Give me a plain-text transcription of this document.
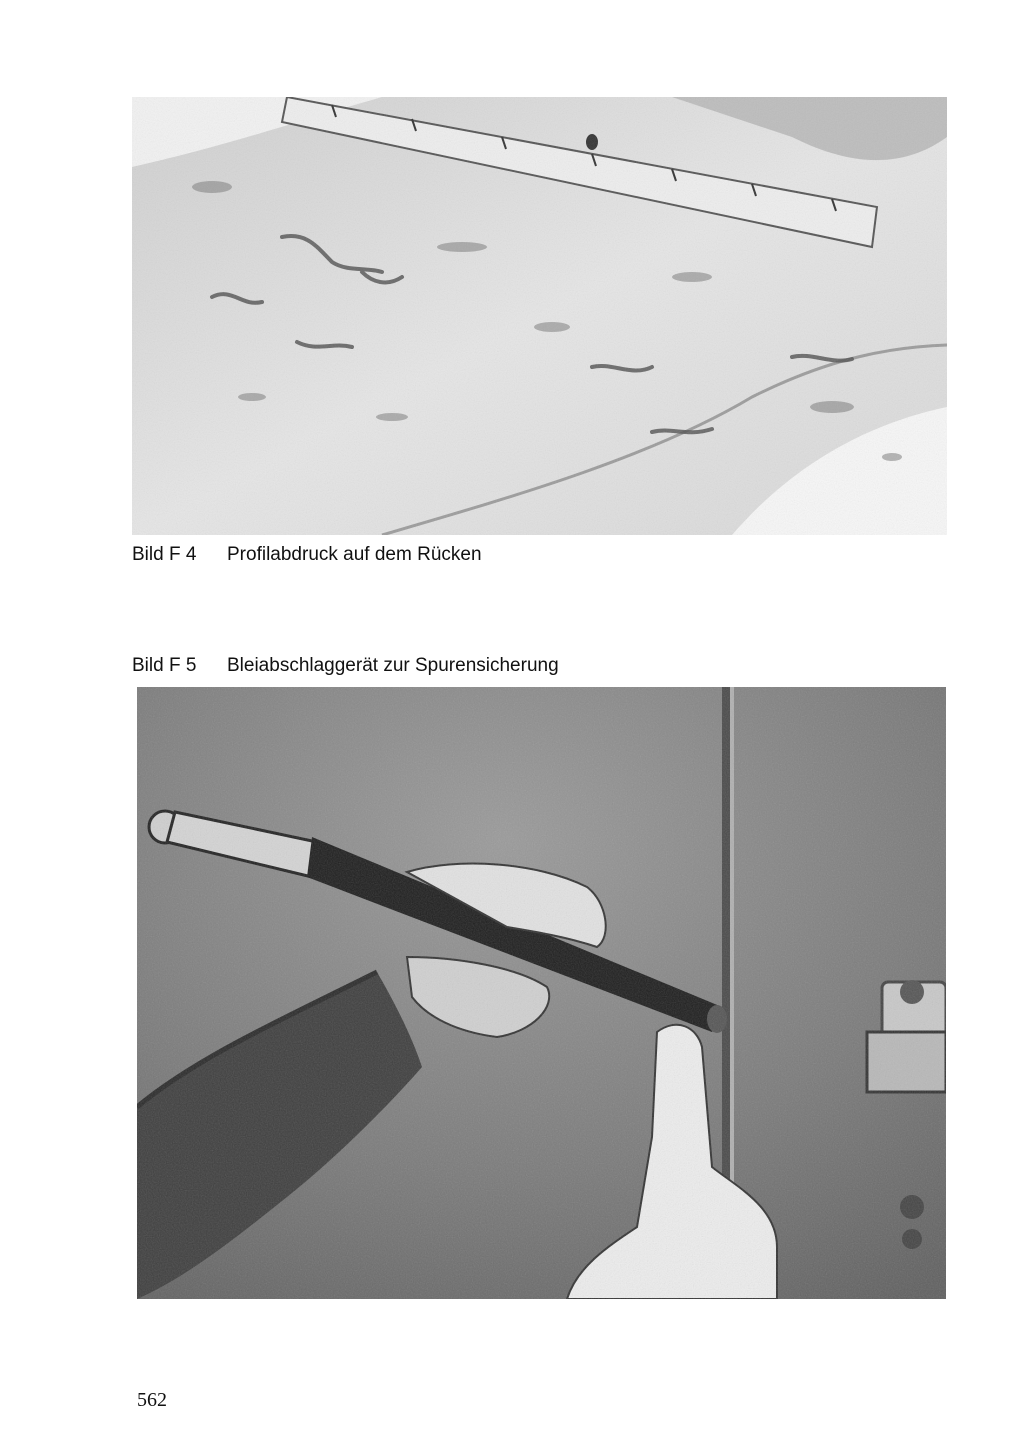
Bild F 4 Profilabdruck auf dem Rücken
Bild F 5 Bleiabschlaggerät zur Spurensicherung
562
